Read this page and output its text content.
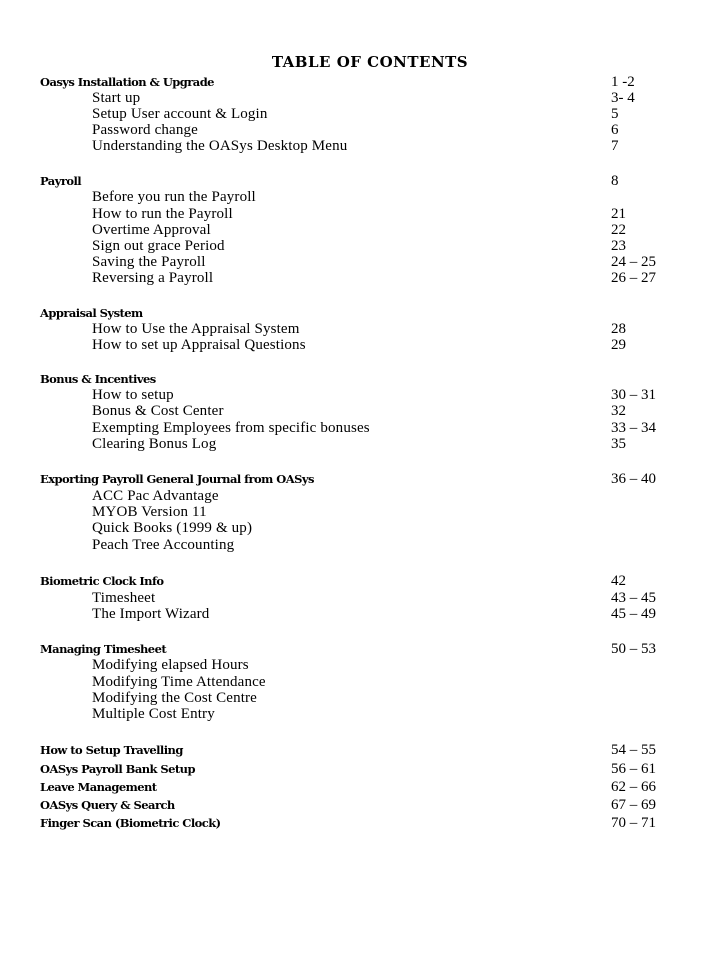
TABLE OF CONTENTS
Oasys Installation & Upgrade	1 -2
Start up	3- 4
Setup User account & Login	5
Password change	6
Understanding the OASys Desktop Menu	7
Payroll	8
Before you run the Payroll
How to run the Payroll	21
Overtime Approval	22
Sign out grace Period	23
Saving the Payroll	24 – 25
Reversing a Payroll	26 – 27
Appraisal System
How to Use the Appraisal System	28
How to set up Appraisal Questions	29
Bonus & Incentives
How to setup	30 – 31
Bonus & Cost Center	32
Exempting Employees from specific bonuses	33 – 34
Clearing Bonus Log	35
Exporting Payroll General Journal from OASys	36 – 40
ACC Pac Advantage
MYOB Version 11
Quick Books (1999 & up)
Peach Tree Accounting
Biometric Clock Info	42
Timesheet	43 – 45
The Import Wizard	45 – 49
Managing Timesheet	50 – 53
Modifying elapsed Hours
Modifying Time Attendance
Modifying the Cost Centre
Multiple Cost Entry
How to Setup Travelling	54 – 55
OASys Payroll Bank Setup	56 – 61
Leave Management	62 – 66
OASys Query & Search	67 – 69
Finger Scan (Biometric Clock)	70 – 71
